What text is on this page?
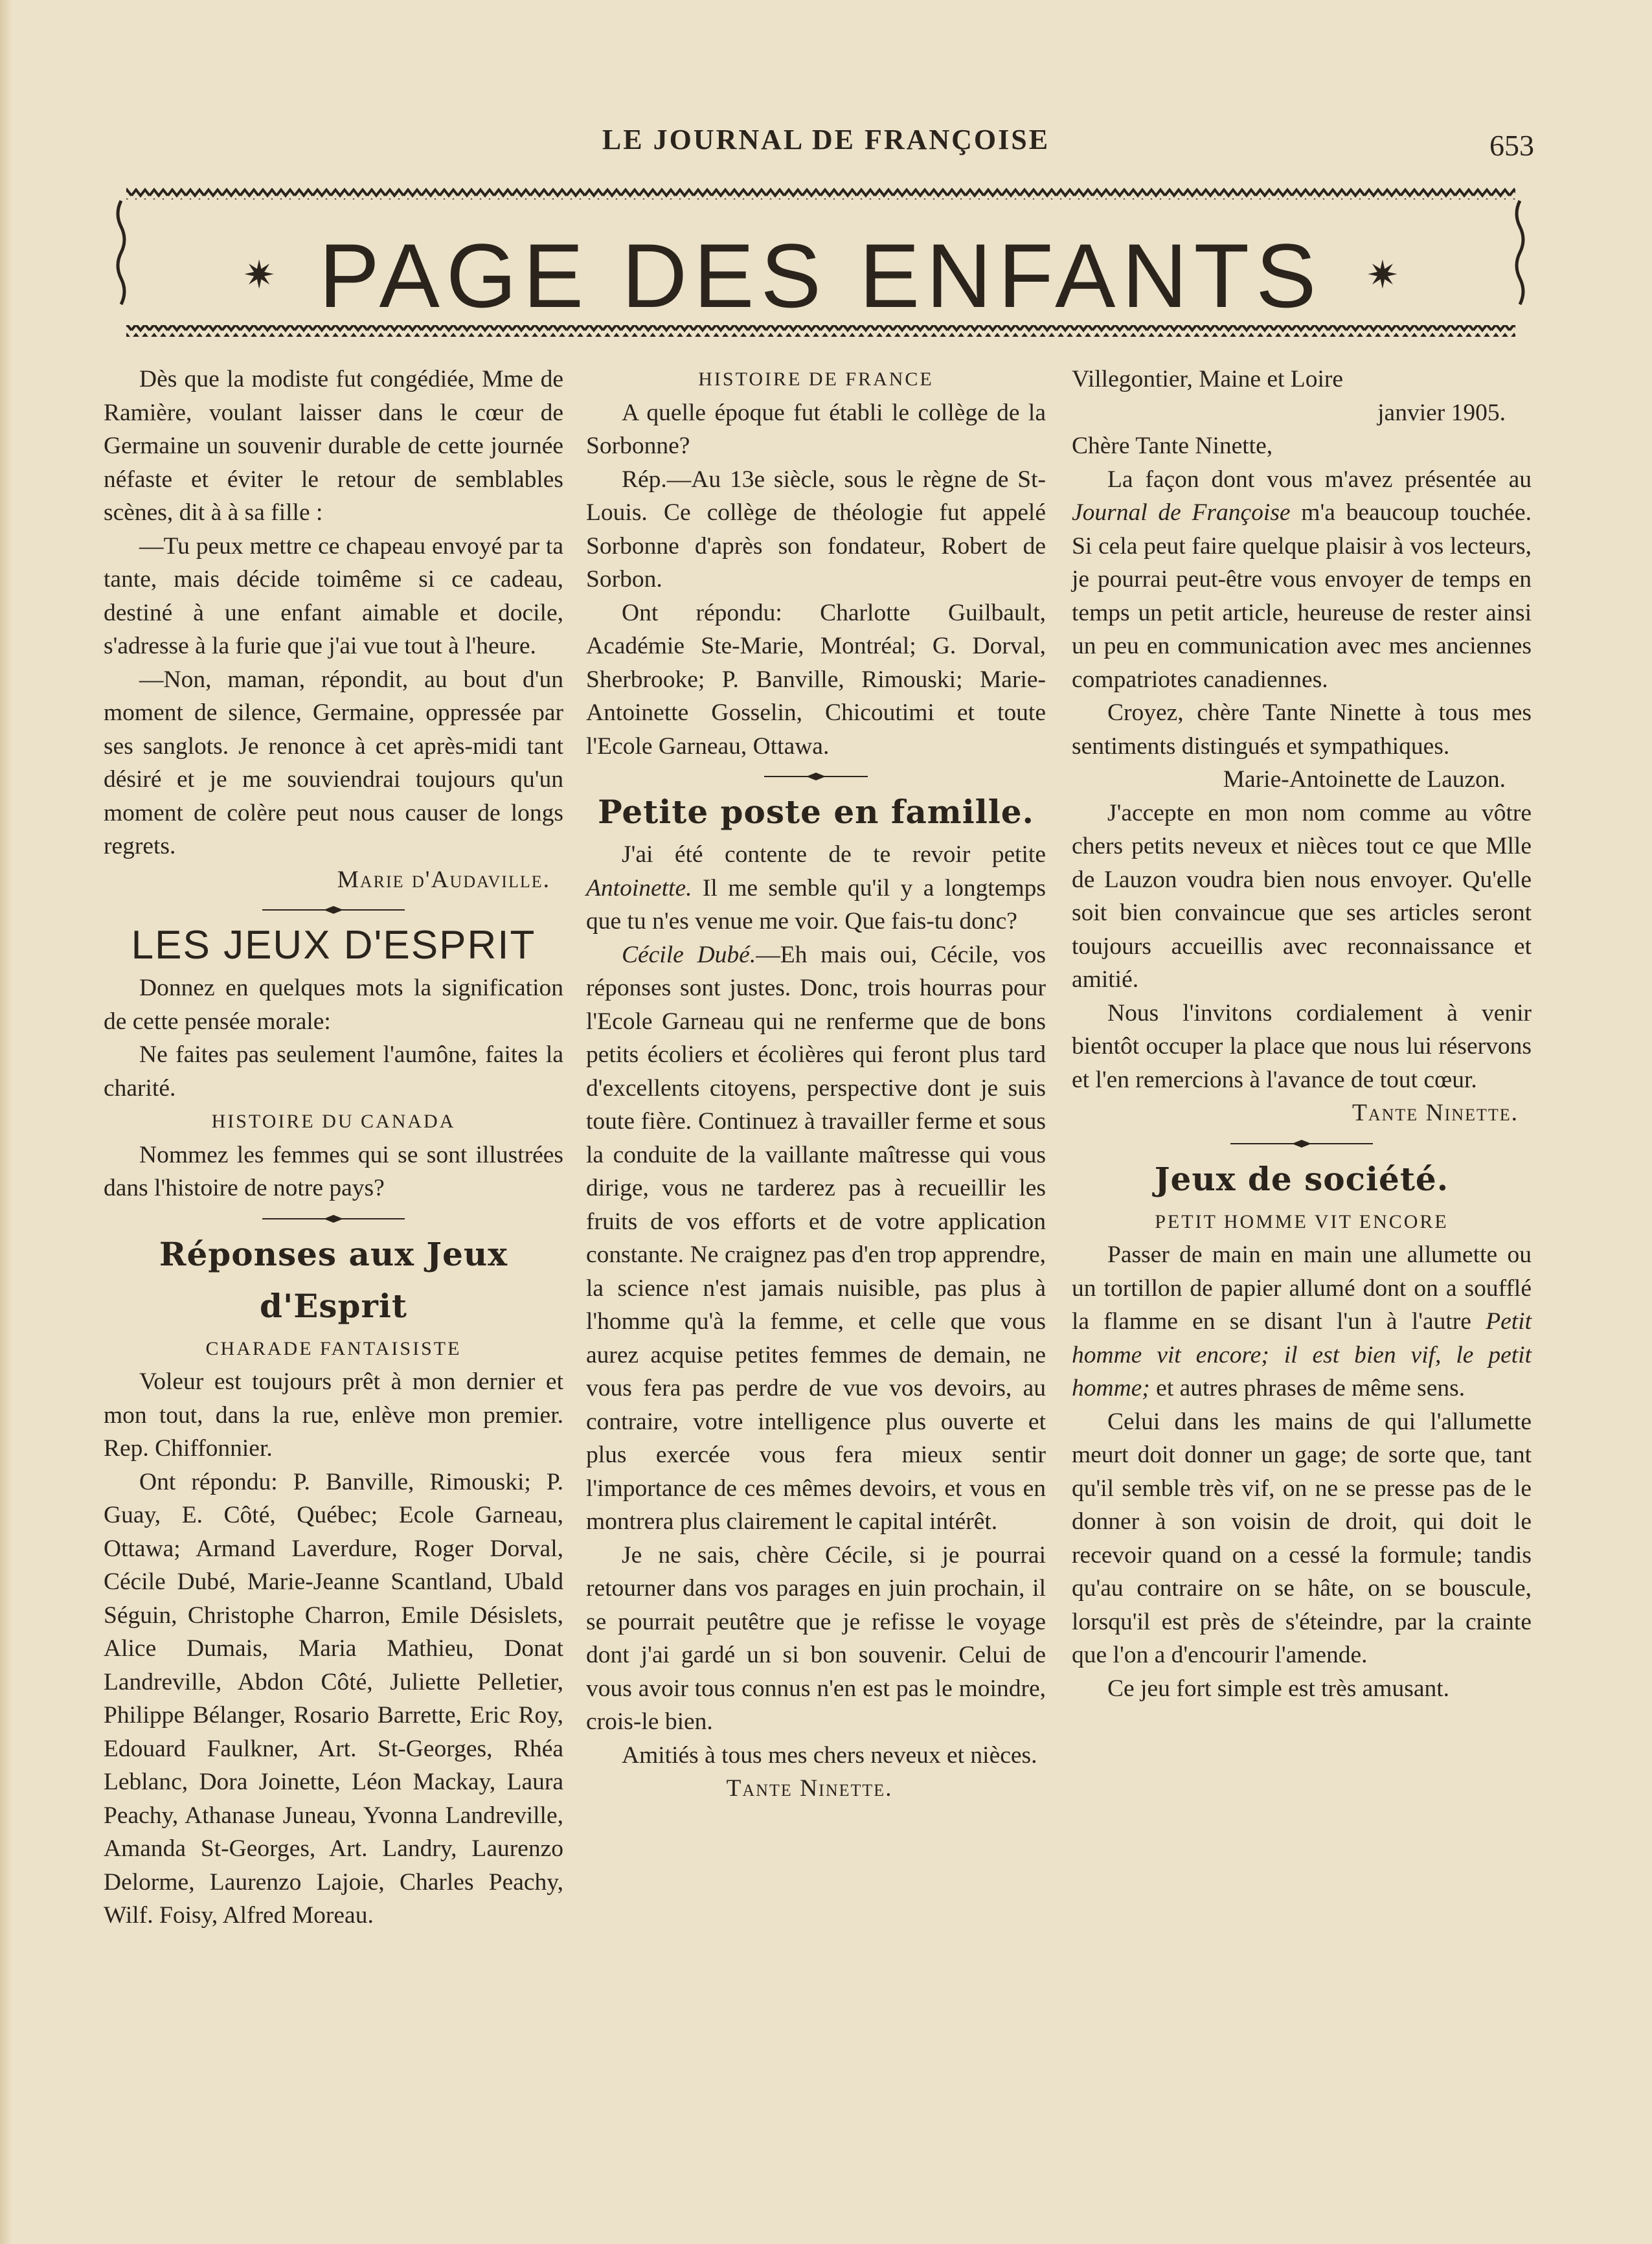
LE JOURNAL DE FRANÇOISE	653
✷ PAGE DES ENFANTS	✷

Dès que la modiste fut congédiée, Mme de Ramière, voulant laisser dans le cœur de Germaine un souvenir durable de cette journée néfaste et éviter le retour de semblables scènes, dit à à sa fille :

—Tu peux mettre ce chapeau envoyé par ta tante, mais décide toimême si ce cadeau, destiné à une enfant aimable et docile, s'adresse à la furie que j'ai vue tout à l'heure.

—Non, maman, répondit, au bout d'un moment de silence, Germaine, oppressée par ses sanglots. Je renonce à cet après-midi tant désiré et je me souviendrai toujours qu'un moment de colère peut nous causer de longs regrets.

Marie d'Audaville.

LES JEUX D'ESPRIT

Donnez en quelques mots la signification de cette pensée morale:

Ne faites pas seulement l'aumône, faites la charité.

HISTOIRE DU CANADA

Nommez les femmes qui se sont illustrées dans l'histoire de notre pays?

Réponses aux Jeux d'Esprit
CHARADE FANTAISISTE

Voleur est toujours prêt à mon dernier et mon tout, dans la rue, enlève mon premier. Rep. Chiffonnier.

Ont répondu: P. Banville, Rimouski; P. Guay, E. Côté, Québec; Ecole Garneau, Ottawa; Armand Laverdure, Roger Dorval, Cécile Dubé, Marie-Jeanne Scantland, Ubald Séguin, Christophe Charron, Emile Désislets, Alice Dumais, Maria Mathieu, Donat Landreville, Abdon Côté, Juliette Pelletier, Philippe Bélanger, Rosario Barrette, Eric Roy, Edouard Faulkner, Art. St-Georges, Rhéa Leblanc, Dora Joinette, Léon Mackay, Laura Peachy, Athanase Juneau, Yvonna Landreville, Amanda St-Georges, Art. Landry, Laurenzo Delorme, Laurenzo Lajoie, Charles Peachy, Wilf. Foisy, Alfred Moreau.

HISTOIRE DE FRANCE

A quelle époque fut établi le collège de la Sorbonne?

Rép.—Au 13e siècle, sous le règne de St-Louis. Ce collège de théologie fut appelé Sorbonne d'après son fondateur, Robert de Sorbon.

Ont répondu: Charlotte Guilbault, Académie Ste-Marie, Montréal; G. Dorval, Sherbrooke; P. Banville, Rimouski; Marie-Antoinette Gosselin, Chicoutimi et toute l'Ecole Garneau, Ottawa.

Petite poste en famille.

J'ai été contente de te revoir petite Antoinette. Il me semble qu'il y a longtemps que tu n'es venue me voir. Que fais-tu donc?

Cécile Dubé.—Eh mais oui, Cécile, vos réponses sont justes. Donc, trois hourras pour l'Ecole Garneau qui ne renferme que de bons petits écoliers et écolières qui feront plus tard d'excellents citoyens, perspective dont je suis toute fière. Continuez à travailler ferme et sous la conduite de la vaillante maîtresse qui vous dirige, vous ne tarderez pas à recueillir les fruits de vos efforts et de votre application constante. Ne craignez pas d'en trop apprendre, la science n'est jamais nuisible, pas plus à l'homme qu'à la femme, et celle que vous aurez acquise petites femmes de demain, ne vous fera pas perdre de vue vos devoirs, au contraire, votre intelligence plus ouverte et plus exercée vous fera mieux sentir l'importance de ces mêmes devoirs, et vous en montrera plus clairement le capital intérêt.

Je ne sais, chère Cécile, si je pourrai retourner dans vos parages en juin prochain, il se pourrait peutêtre que je refisse le voyage dont j'ai gardé un si bon souvenir. Celui de vous avoir tous connus n'en est pas le moindre, crois-le bien.

Amitiés à tous mes chers neveux et nièces.

Tante Ninette.

Villegontier, Maine et Loire

janvier 1905.

Chère Tante Ninette,

La façon dont vous m'avez présentée au Journal de Françoise m'a beaucoup touchée. Si cela peut faire quelque plaisir à vos lecteurs, je pourrai peut-être vous envoyer de temps en temps un petit article, heureuse de rester ainsi un peu en communication avec mes anciennes compatriotes canadiennes.

Croyez, chère Tante Ninette à tous mes sentiments distingués et sympathiques.

Marie-Antoinette de Lauzon.

J'accepte en mon nom comme au vôtre chers petits neveux et nièces tout ce que Mlle de Lauzon voudra bien nous envoyer. Qu'elle soit bien convaincue que ses articles seront toujours accueillis avec reconnaissance et amitié.

Nous l'invitons cordialement à venir bientôt occuper la place que nous lui réservons et l'en remercions à l'avance de tout cœur.

Tante Ninette.

Jeux de société.
PETIT HOMME VIT ENCORE

Passer de main en main une allumette ou un tortillon de papier allumé dont on a soufflé la flamme en se disant l'un à l'autre Petit homme vit encore; il est bien vif, le petit homme; et autres phrases de même sens.

Celui dans les mains de qui l'allumette meurt doit donner un gage; de sorte que, tant qu'il semble très vif, on ne se presse pas de le donner à son voisin de droit, qui doit le recevoir quand on a cessé la formule; tandis qu'au contraire on se hâte, on se bouscule, lorsqu'il est près de s'éteindre, par la crainte que l'on a d'encourir l'amende.

Ce jeu fort simple est très amusant.
